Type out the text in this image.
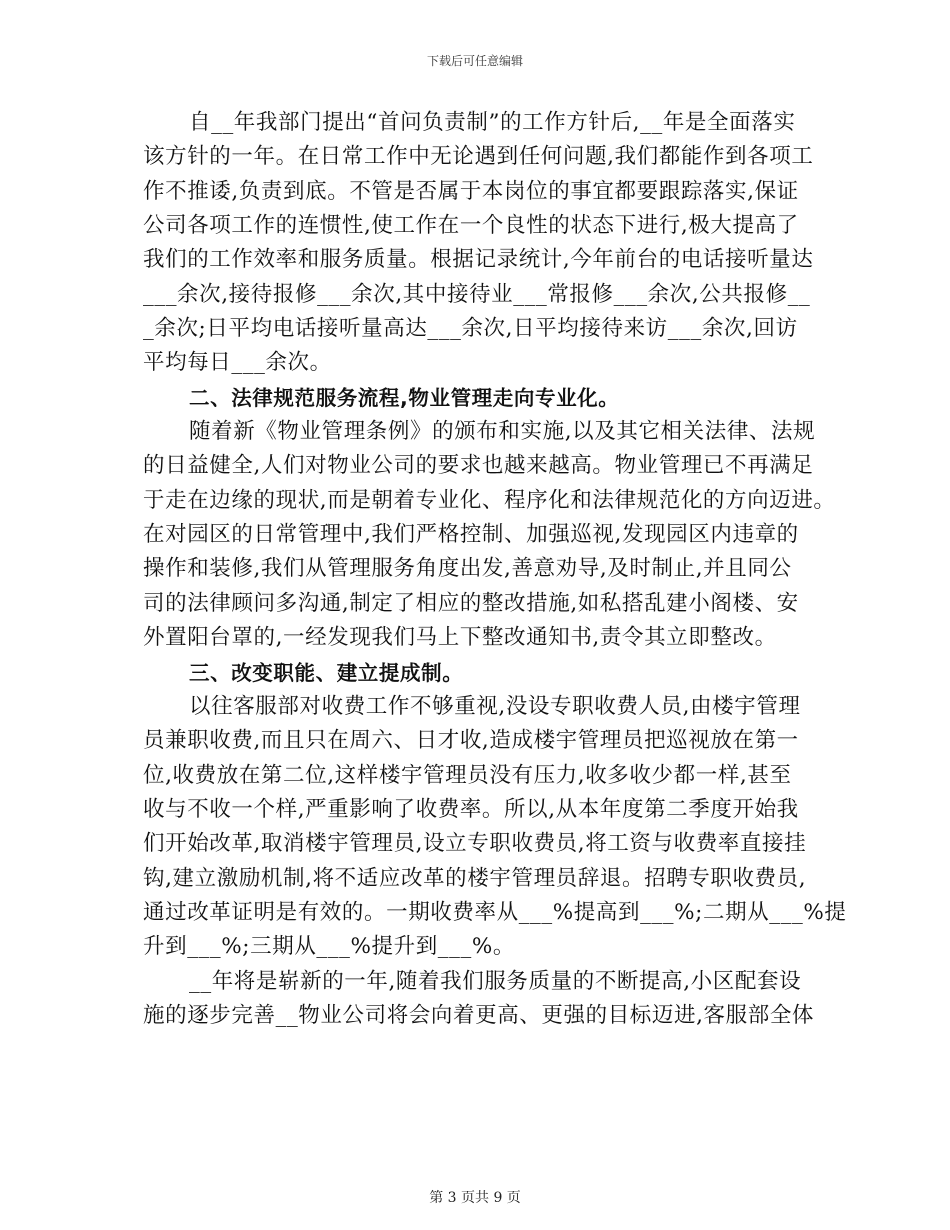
下载后可任意编辑
自__年我部门提出“首问负责制”的工作方针后,__年是全面落实
该方针的一年。在日常工作中无论遇到任何问题,我们都能作到各项工
作不推诿,负责到底。不管是否属于本岗位的事宜都要跟踪落实,保证
公司各项工作的连惯性,使工作在一个良性的状态下进行,极大提高了
我们的工作效率和服务质量。根据记录统计,今年前台的电话接听量达
___余次,接待报修___余次,其中接待业___常报修___余次,公共报修__
_余次;日平均电话接听量高达___余次,日平均接待来访___余次,回访
平均每日___余次。
二、法律规范服务流程,物业管理走向专业化。
随着新《物业管理条例》的颁布和实施,以及其它相关法律、法规
的日益健全,人们对物业公司的要求也越来越高。物业管理已不再满足
于走在边缘的现状,而是朝着专业化、程序化和法律规范化的方向迈进。
在对园区的日常管理中,我们严格控制、加强巡视,发现园区内违章的
操作和装修,我们从管理服务角度出发,善意劝导,及时制止,并且同公
司的法律顾问多沟通,制定了相应的整改措施,如私搭乱建小阁楼、安
外置阳台罩的,一经发现我们马上下整改通知书,责令其立即整改。
三、改变职能、建立提成制。
以往客服部对收费工作不够重视,没设专职收费人员,由楼宇管理
员兼职收费,而且只在周六、日才收,造成楼宇管理员把巡视放在第一
位,收费放在第二位,这样楼宇管理员没有压力,收多收少都一样,甚至
收与不收一个样,严重影响了收费率。所以,从本年度第二季度开始我
们开始改革,取消楼宇管理员,设立专职收费员,将工资与收费率直接挂
钩,建立激励机制,将不适应改革的楼宇管理员辞退。招聘专职收费员,
通过改革证明是有效的。一期收费率从___%提高到___%;二期从___%提
升到___%;三期从___%提升到___%。
__年将是崭新的一年,随着我们服务质量的不断提高,小区配套设
施的逐步完善__物业公司将会向着更高、更强的目标迈进,客服部全体
第 3 页共 9 页
